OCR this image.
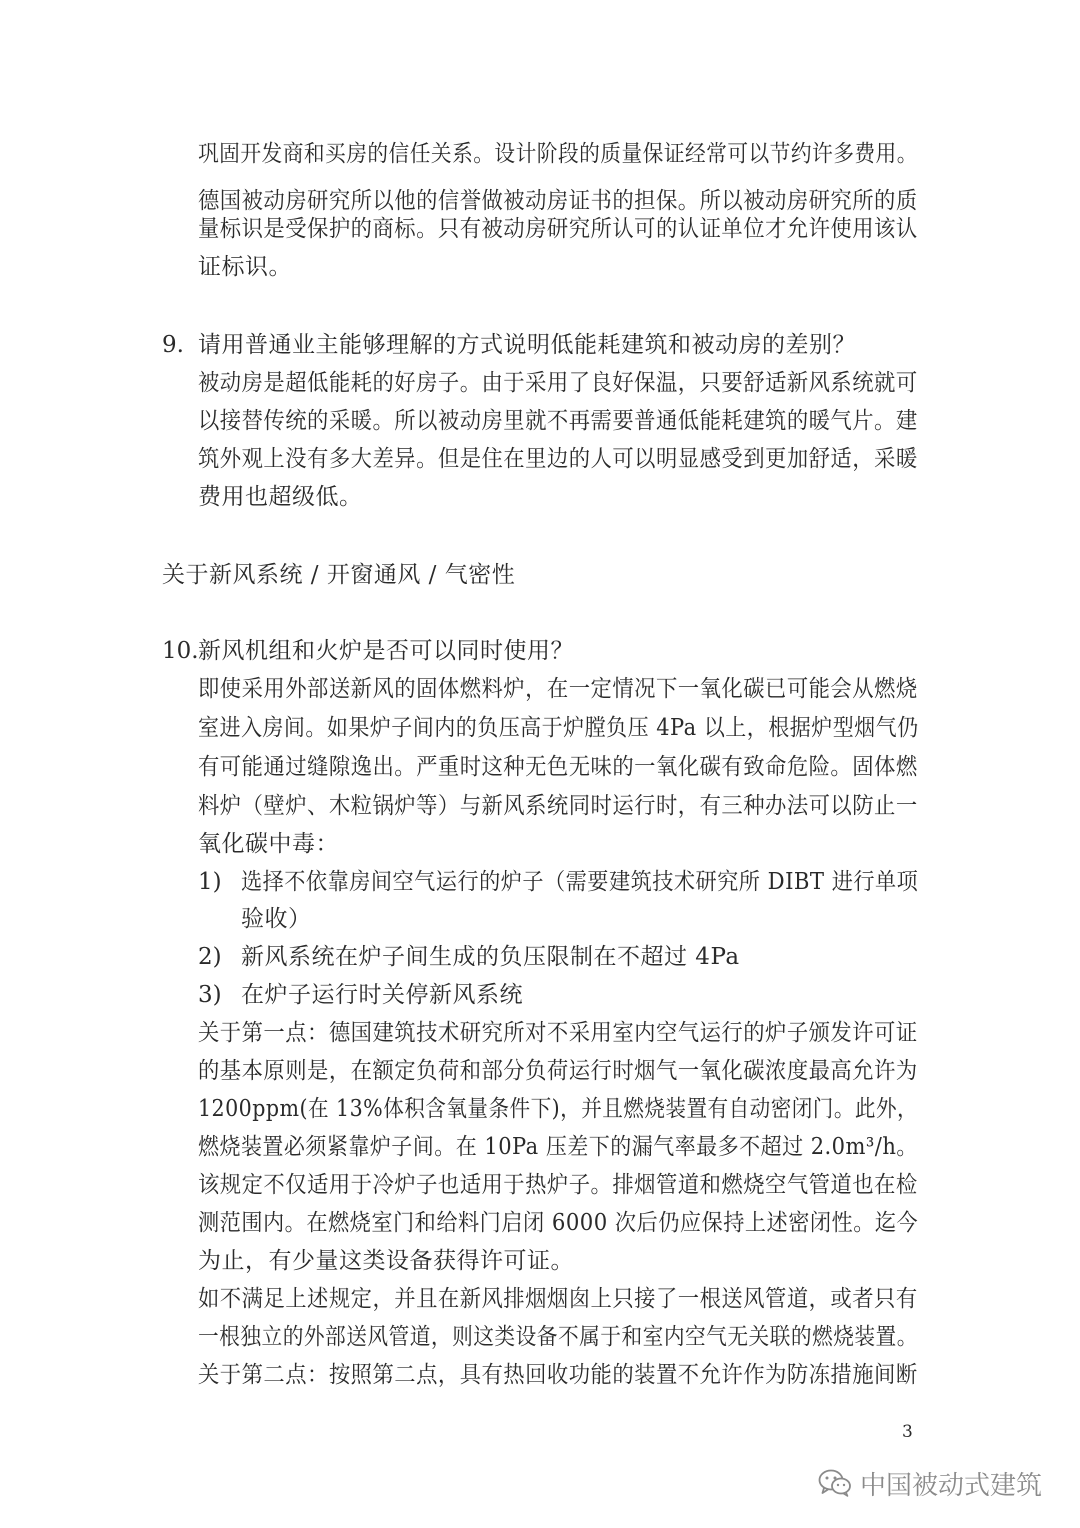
巩固开发商和买房的信任关系。设计阶段的质量保证经常可以节约许多费用。
德国被动房研究所以他的信誉做被动房证书的担保。所以被动房研究所的质
量标识是受保护的商标。只有被动房研究所认可的认证单位才允许使用该认
证标识。
9. 请用普通业主能够理解的方式说明低能耗建筑和被动房的差别？
被动房是超低能耗的好房子。由于采用了良好保温，只要舒适新风系统就可
以接替传统的采暖。所以被动房里就不再需要普通低能耗建筑的暖气片。建
筑外观上没有多大差异。但是住在里边的人可以明显感受到更加舒适，采暖
费用也超级低。
关于新风系统 / 开窗通风 / 气密性
10. 新风机组和火炉是否可以同时使用？
即使采用外部送新风的固体燃料炉，在一定情况下一氧化碳已可能会从燃烧
室进入房间。如果炉子间内的负压高于炉膛负压 4Pa 以上，根据炉型烟气仍
有可能通过缝隙逸出。严重时这种无色无味的一氧化碳有致命危险。固体燃
料炉（壁炉、木粒锅炉等）与新风系统同时运行时，有三种办法可以防止一
氧化碳中毒：
1) 选择不依靠房间空气运行的炉子（需要建筑技术研究所 DIBT 进行单项
验收）
2) 新风系统在炉子间生成的负压限制在不超过 4Pa
3) 在炉子运行时关停新风系统
关于第一点：德国建筑技术研究所对不采用室内空气运行的炉子颁发许可证
的基本原则是，在额定负荷和部分负荷运行时烟气一氧化碳浓度最高允许为
1200ppm(在 13%体积含氧量条件下)，并且燃烧装置有自动密闭门。此外，
燃烧装置必须紧靠炉子间。在 10Pa 压差下的漏气率最多不超过 2.0m³/h。
该规定不仅适用于冷炉子也适用于热炉子。排烟管道和燃烧空气管道也在检
测范围内。在燃烧室门和给料门启闭 6000 次后仍应保持上述密闭性。迄今
为止，有少量这类设备获得许可证。
如不满足上述规定，并且在新风排烟烟囱上只接了一根送风管道，或者只有
一根独立的外部送风管道，则这类设备不属于和室内空气无关联的燃烧装置。
关于第二点：按照第二点，具有热回收功能的装置不允许作为防冻措施间断
3
中国被动式建筑
